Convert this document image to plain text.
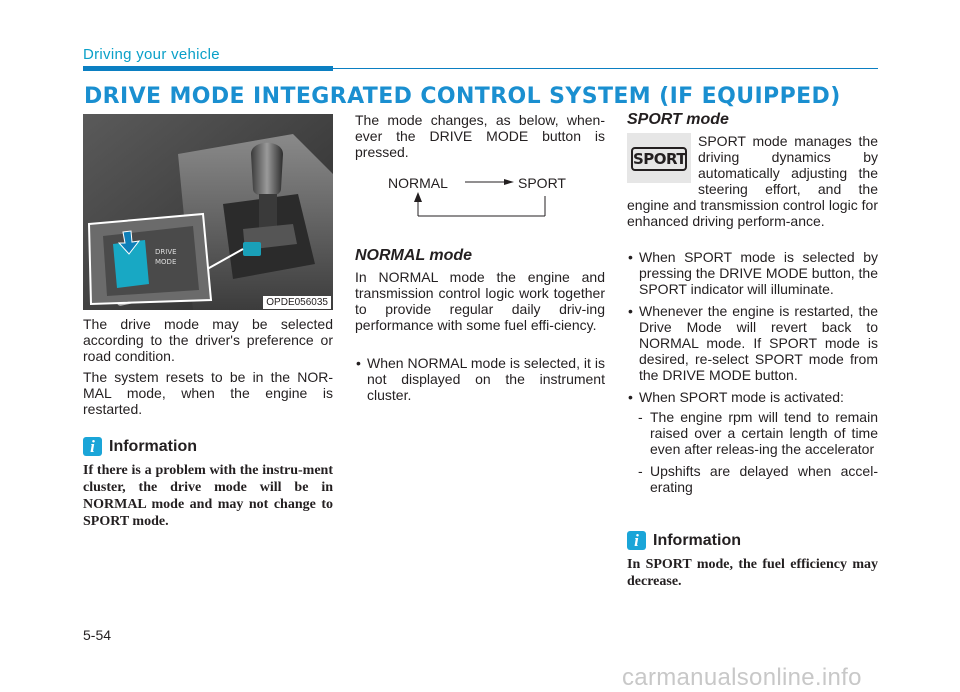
Driving your vehicle
DRIVE MODE INTEGRATED CONTROL SYSTEM (IF EQUIPPED)
DRIVE
MODE
OPDE056035
The drive mode may be selected according to the driver's preference or road condition.
The system resets to be in the NOR-MAL mode, when the engine is restarted.
i Information
If there is a problem with the instru-ment cluster, the drive mode will be in NORMAL mode and may not change to SPORT mode.
The mode changes, as below, when-ever the DRIVE MODE button is pressed.
NORMAL	SPORT
NORMAL mode
In NORMAL mode the engine and transmission control logic work together to provide regular daily driv-ing performance with some fuel effi-ciency.
• When NORMAL mode is selected, it is not displayed on the instrument cluster.
SPORT mode
SPORT
SPORT mode manages the driving dynamics by automatically adjusting the steering effort, and the engine and transmission control logic for enhanced driving perform-ance.
• When SPORT mode is selected by pressing the DRIVE MODE button, the SPORT indicator will illuminate.
• Whenever the engine is restarted, the Drive Mode will revert back to NORMAL mode. If SPORT mode is desired, re-select SPORT mode from the DRIVE MODE button.
• When SPORT mode is activated:
- The engine rpm will tend to remain raised over a certain length of time even after releas-ing the accelerator
- Upshifts are delayed when accel-erating
i Information
In SPORT mode, the fuel efficiency may decrease.
5-54
carmanualsonline.info
